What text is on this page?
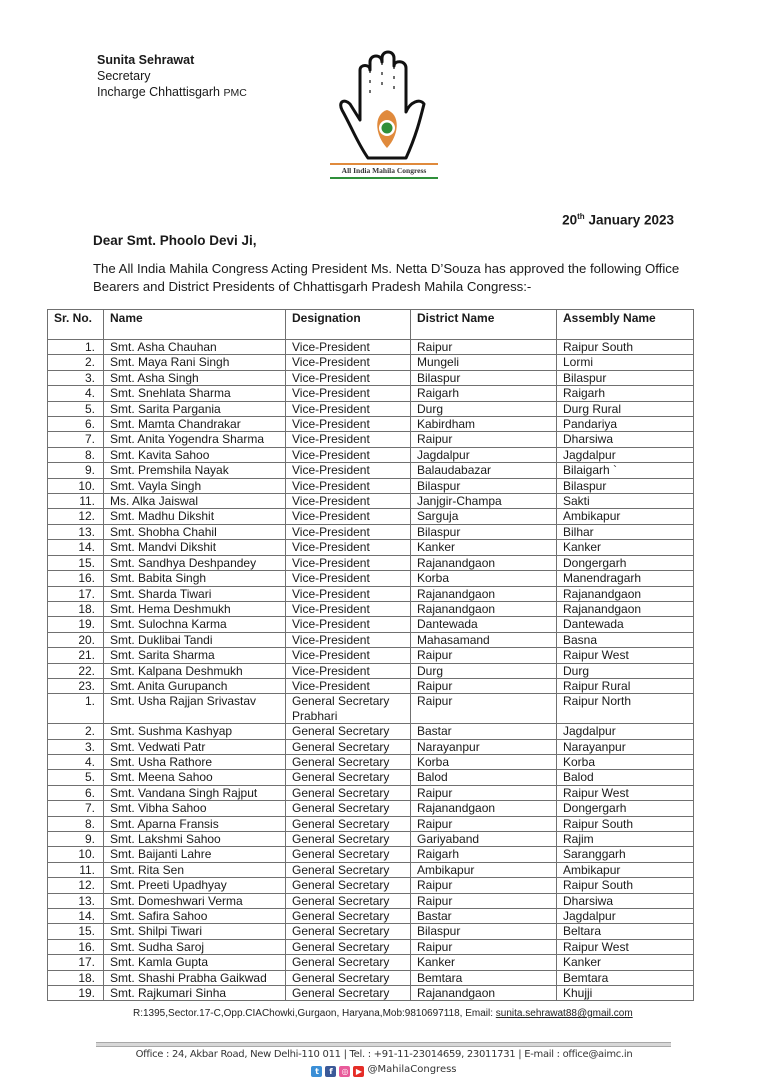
Sunita Sehrawat
Secretary
Incharge Chhattisgarh PMC
All India Mahila Congress
20th January 2023
Dear Smt. Phoolo Devi Ji,
The All India Mahila Congress Acting President Ms. Netta D’Souza has approved the following Office Bearers and District Presidents of Chhattisgarh Pradesh Mahila Congress:-
Sr. No.	Name	Designation	District Name	Assembly Name
1.	Smt. Asha Chauhan	Vice-President	Raipur	Raipur South
2.	Smt. Maya Rani Singh	Vice-President	Mungeli	Lormi
3.	Smt. Asha Singh	Vice-President	Bilaspur	Bilaspur
4.	Smt. Snehlata Sharma	Vice-President	Raigarh	Raigarh
5.	Smt. Sarita Pargania	Vice-President	Durg	Durg Rural
6.	Smt. Mamta Chandrakar	Vice-President	Kabirdham	Pandariya
7.	Smt. Anita Yogendra Sharma	Vice-President	Raipur	Dharsiwa
8.	Smt. Kavita Sahoo	Vice-President	Jagdalpur	Jagdalpur
9.	Smt. Premshila Nayak	Vice-President	Balaudabazar	Bilaigarh `
10.	Smt. Vayla Singh	Vice-President	Bilaspur	Bilaspur
11.	Ms. Alka Jaiswal	Vice-President	Janjgir-Champa	Sakti
12.	Smt. Madhu Dikshit	Vice-President	Sarguja	Ambikapur
13.	Smt. Shobha Chahil	Vice-President	Bilaspur	Bilhar
14.	Smt. Mandvi Dikshit	Vice-President	Kanker	Kanker
15.	Smt. Sandhya Deshpandey	Vice-President	Rajanandgaon	Dongergarh
16.	Smt. Babita Singh	Vice-President	Korba	Manendragarh
17.	Smt. Sharda Tiwari	Vice-President	Rajanandgaon	Rajanandgaon
18.	Smt. Hema Deshmukh	Vice-President	Rajanandgaon	Rajanandgaon
19.	Smt. Sulochna Karma	Vice-President	Dantewada	Dantewada
20.	Smt. Duklibai Tandi	Vice-President	Mahasamand	Basna
21.	Smt. Sarita Sharma	Vice-President	Raipur	Raipur West
22.	Smt. Kalpana Deshmukh	Vice-President	Durg	Durg
23.	Smt. Anita Gurupanch	Vice-President	Raipur	Raipur Rural
1.	Smt. Usha Rajjan Srivastav	General Secretary Prabhari	Raipur	Raipur North
2.	Smt. Sushma Kashyap	General Secretary	Bastar	Jagdalpur
3.	Smt. Vedwati Patr	General Secretary	Narayanpur	Narayanpur
4.	Smt. Usha Rathore	General Secretary	Korba	Korba
5.	Smt. Meena Sahoo	General Secretary	Balod	Balod
6.	Smt. Vandana Singh Rajput	General Secretary	Raipur	Raipur West
7.	Smt. Vibha Sahoo	General Secretary	Rajanandgaon	Dongergarh
8.	Smt. Aparna Fransis	General Secretary	Raipur	Raipur South
9.	Smt. Lakshmi Sahoo	General Secretary	Gariyaband	Rajim
10.	Smt. Baijanti Lahre	General Secretary	Raigarh	Saranggarh
11.	Smt. Rita Sen	General Secretary	Ambikapur	Ambikapur
12.	Smt. Preeti Upadhyay	General Secretary	Raipur	Raipur South
13.	Smt. Domeshwari Verma	General Secretary	Raipur	Dharsiwa
14.	Smt. Safira Sahoo	General Secretary	Bastar	Jagdalpur
15.	Smt. Shilpi Tiwari	General Secretary	Bilaspur	Beltara
16.	Smt. Sudha Saroj	General Secretary	Raipur	Raipur West
17.	Smt. Kamla Gupta	General Secretary	Kanker	Kanker
18.	Smt. Shashi Prabha Gaikwad	General Secretary	Bemtara	Bemtara
19.	Smt. Rajkumari Sinha	General Secretary	Rajanandgaon	Khujji
R:1395,Sector.17-C,Opp.CIAChowki,Gurgaon, Haryana,Mob:9810697118, Email: sunita.sehrawat88@gmail.com
Office : 24, Akbar Road, New Delhi-110 011 | Tel. : +91-11-23014659, 23011731 | E-mail : office@aimc.in
t f ◎ ▶ @MahilaCongress
